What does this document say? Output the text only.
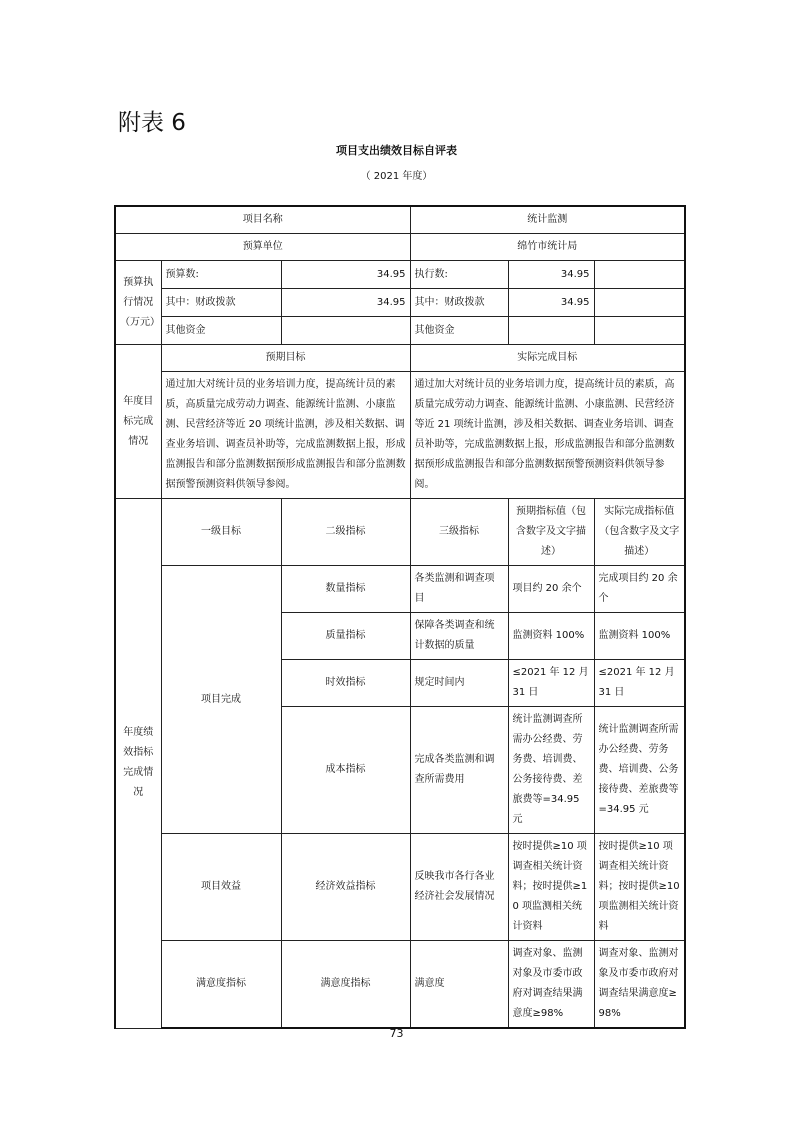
附表 6
项目支出绩效目标自评表
（ 2021 年度）
项目名称			统计监测		
预算单位			绵竹市统计局		
预算执行情况（万元）	预算数:	34.95	执行数:	34.95	
	其中：财政拨款	34.95	其中：财政拨款	34.95	
	其他资金		其他资金		
年度目标完成情况	预期目标		实际完成目标		
	通过加大对统计员的业务培训力度，提高统计员的素质，高质量完成劳动力调查、能源统计监测、小康监测、民营经济等近 20 项统计监测，涉及相关数据、调查业务培训、调查员补助等，完成监测数据上报，形成监测报告和部分监测数据预形成监测报告和部分监测数据预警预测资料供领导参阅。		通过加大对统计员的业务培训力度，提高统计员的素质，高质量完成劳动力调查、能源统计监测、小康监测、民营经济等近 21 项统计监测，涉及相关数据、调查业务培训、调查员补助等，完成监测数据上报，形成监测报告和部分监测数据预形成监测报告和部分监测数据预警预测资料供领导参阅。		
年度绩效指标完成情况	一级目标	二级指标	三级指标	预期指标值（包含数字及文字描述）	实际完成指标值（包含数字及文字描述）
	项目完成	数量指标	各类监测和调查项目	项目约 20 余个	完成项目约 20 余个
		质量指标	保障各类调查和统计数据的质量	监测资料 100%	监测资料 100%
		时效指标	规定时间内	≤2021 年 12 月 31 日	≤2021 年 12 月 31 日
		成本指标	完成各类监测和调查所需费用	统计监测调查所需办公经费、劳务费、培训费、公务接待费、差旅费等=34.95 元	统计监测调查所需办公经费、劳务费、培训费、公务接待费、差旅费等=34.95 元
	项目效益	经济效益指标	反映我市各行各业经济社会发展情况	按时提供≥10 项调查相关统计资料；按时提供≥10 项监测相关统计资料	按时提供≥10 项调查相关统计资料；按时提供≥10 项监测相关统计资料
	满意度指标	满意度指标	满意度	调查对象、监测对象及市委市政府对调查结果满意度≥98%	调查对象、监测对象及市委市政府对调查结果满意度≥98%
73
